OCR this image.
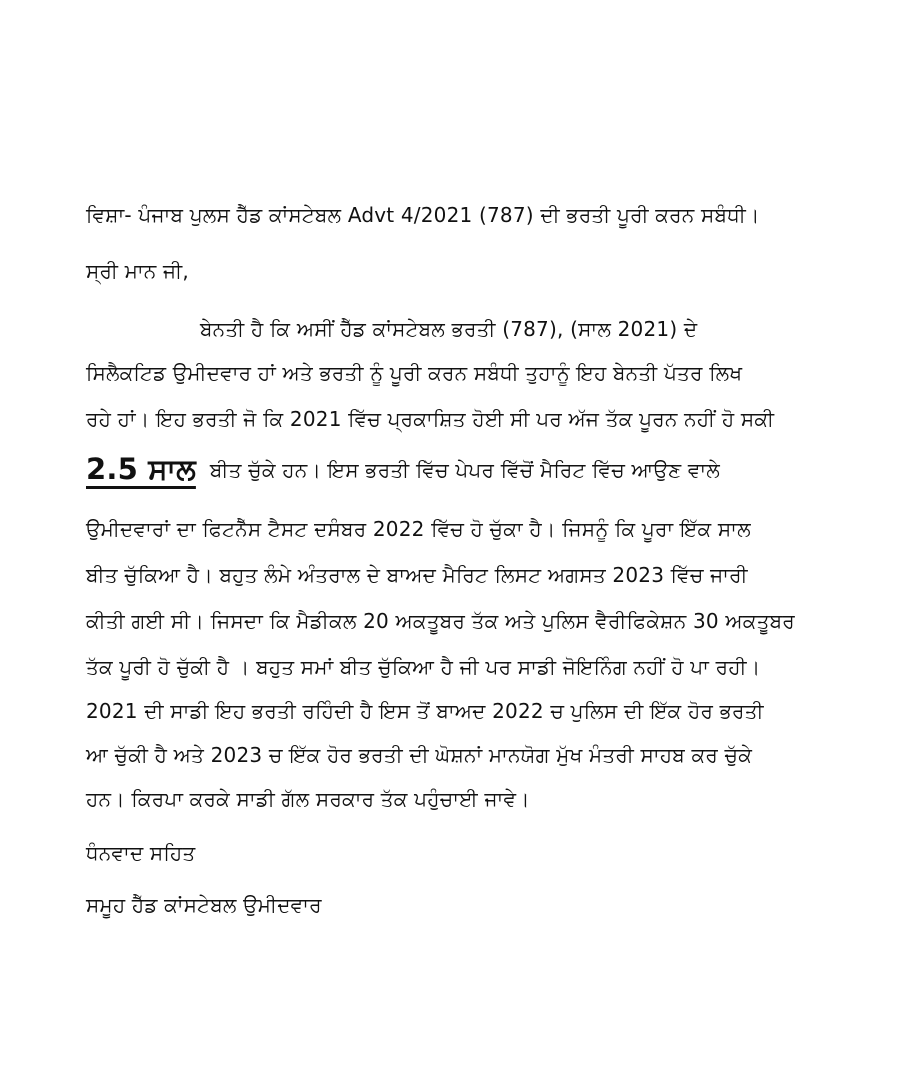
ਵਿਸ਼ਾ- ਪੰਜਾਬ ਪੁਲਸ ਹੈੱਡ ਕਾਂਸਟੇਬਲ Advt 4/2021 (787) ਦੀ ਭਰਤੀ ਪੂਰੀ ਕਰਨ ਸਬੰਧੀ।
ਸ੍ਰੀ ਮਾਨ ਜੀ,
ਬੇਨਤੀ ਹੈ ਕਿ ਅਸੀਂ ਹੈੱਡ ਕਾਂਸਟੇਬਲ ਭਰਤੀ (787), (ਸਾਲ 2021) ਦੇ
ਸਿਲੈਕਟਿਡ ਉਮੀਦਵਾਰ ਹਾਂ ਅਤੇ ਭਰਤੀ ਨੂੰ ਪੂਰੀ ਕਰਨ ਸਬੰਧੀ ਤੁਹਾਨੂੰ ਇਹ ਬੇਨਤੀ ਪੱਤਰ ਲਿਖ
ਰਹੇ ਹਾਂ। ਇਹ ਭਰਤੀ ਜੋ ਕਿ 2021 ਵਿੱਚ ਪ੍ਰਕਾਸ਼ਿਤ ਹੋਈ ਸੀ ਪਰ ਅੱਜ ਤੱਕ ਪੂਰਨ ਨਹੀਂ ਹੋ ਸਕੀ
2.5 ਸਾਲ ਬੀਤ ਚੁੱਕੇ ਹਨ। ਇਸ ਭਰਤੀ ਵਿੱਚ ਪੇਪਰ ਵਿੱਚੋਂ ਮੈਰਿਟ ਵਿੱਚ ਆਉਣ ਵਾਲੇ
ਉਮੀਦਵਾਰਾਂ ਦਾ ਫਿਟਨੈੱਸ ਟੈਸਟ ਦਸੰਬਰ 2022 ਵਿੱਚ ਹੋ ਚੁੱਕਾ ਹੈ। ਜਿਸਨੂੰ ਕਿ ਪੂਰਾ ਇੱਕ ਸਾਲ
ਬੀਤ ਚੁੱਕਿਆ ਹੈ। ਬਹੁਤ ਲੰਮੇ ਅੰਤਰਾਲ ਦੇ ਬਾਅਦ ਮੈਰਿਟ ਲਿਸਟ ਅਗਸਤ 2023 ਵਿੱਚ ਜਾਰੀ
ਕੀਤੀ ਗਈ ਸੀ। ਜਿਸਦਾ ਕਿ ਮੈਡੀਕਲ 20 ਅਕਤੂਬਰ ਤੱਕ ਅਤੇ ਪੁਲਿਸ ਵੈਰੀਫਿਕੇਸ਼ਨ 30 ਅਕਤੂਬਰ
ਤੱਕ ਪੂਰੀ ਹੋ ਚੁੱਕੀ ਹੈ । ਬਹੁਤ ਸਮਾਂ ਬੀਤ ਚੁੱਕਿਆ ਹੈ ਜੀ ਪਰ ਸਾਡੀ ਜੋਇਨਿੰਗ ਨਹੀਂ ਹੋ ਪਾ ਰਹੀ।
2021 ਦੀ ਸਾਡੀ ਇਹ ਭਰਤੀ ਰਹਿੰਦੀ ਹੈ ਇਸ ਤੋਂ ਬਾਅਦ 2022 ਚ ਪੁਲਿਸ ਦੀ ਇੱਕ ਹੋਰ ਭਰਤੀ
ਆ ਚੁੱਕੀ ਹੈ ਅਤੇ 2023 ਚ ਇੱਕ ਹੋਰ ਭਰਤੀ ਦੀ ਘੋਸ਼ਨਾਂ ਮਾਨਯੋਗ ਮੁੱਖ ਮੰਤਰੀ ਸਾਹਬ ਕਰ ਚੁੱਕੇ
ਹਨ। ਕਿਰਪਾ ਕਰਕੇ ਸਾਡੀ ਗੱਲ ਸਰਕਾਰ ਤੱਕ ਪਹੁੰਚਾਈ ਜਾਵੇ।
ਧੰਨਵਾਦ ਸਹਿਤ
ਸਮੂਹ ਹੈੱਡ ਕਾਂਸਟੇਬਲ ਉਮੀਦਵਾਰ
